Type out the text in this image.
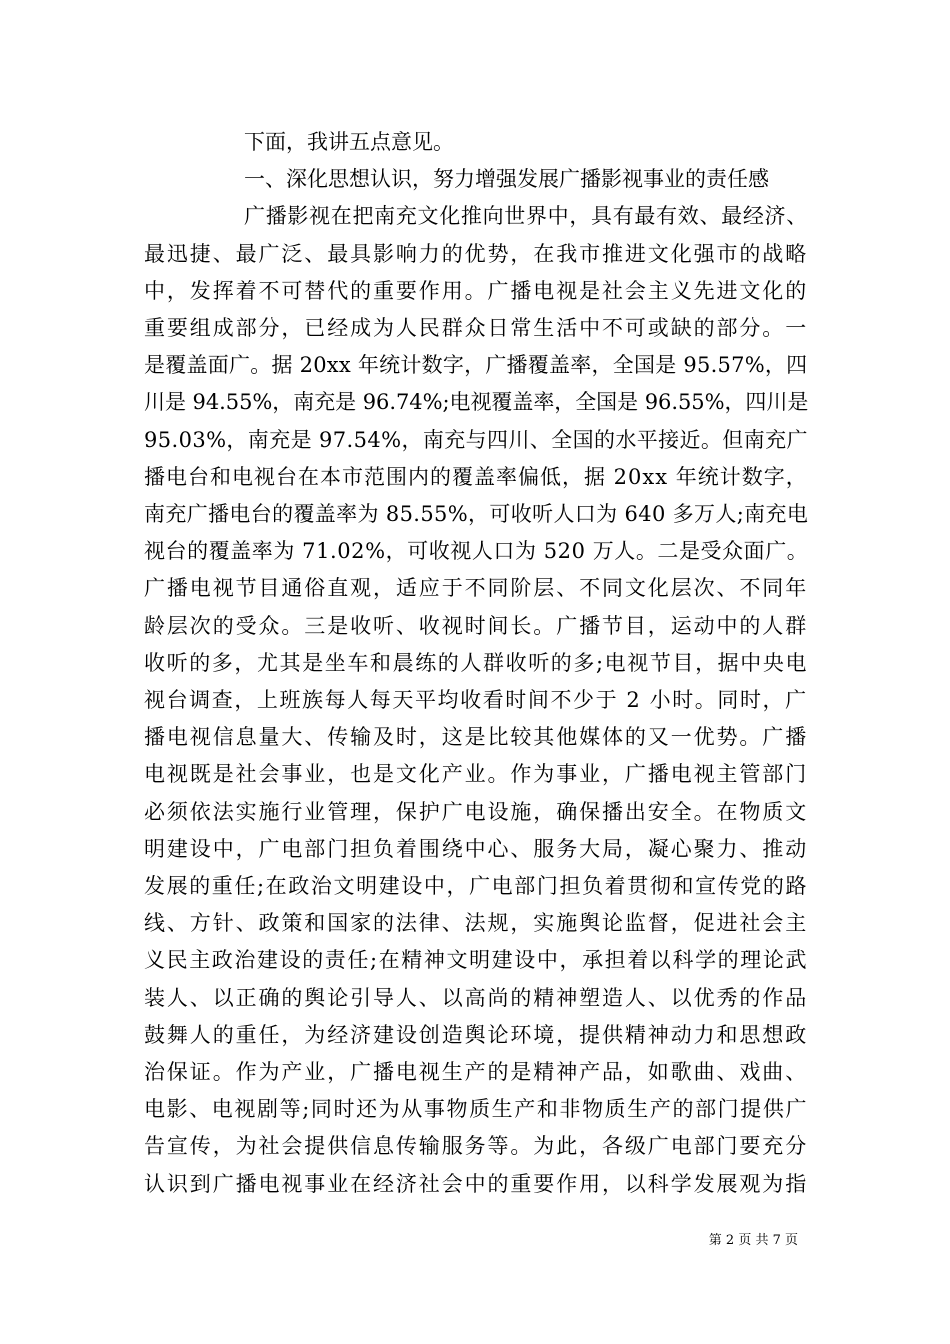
下面，我讲五点意见。
一、深化思想认识，努力增强发展广播影视事业的责任感
广播影视在把南充文化推向世界中，具有最有效、最经济、
最迅捷、最广泛、最具影响力的优势，在我市推进文化强市的战略
中，发挥着不可替代的重要作用。广播电视是社会主义先进文化的
重要组成部分，已经成为人民群众日常生活中不可或缺的部分。一
是覆盖面广。据 20xx 年统计数字，广播覆盖率，全国是 95.57%，四
川是 94.55%，南充是 96.74%;电视覆盖率，全国是 96.55%，四川是
95.03%，南充是 97.54%，南充与四川、全国的水平接近。但南充广
播电台和电视台在本市范围内的覆盖率偏低，据 20xx 年统计数字，
南充广播电台的覆盖率为 85.55%，可收听人口为 640 多万人;南充电
视台的覆盖率为 71.02%，可收视人口为 520 万人。二是受众面广。
广播电视节目通俗直观，适应于不同阶层、不同文化层次、不同年
龄层次的受众。三是收听、收视时间长。广播节目，运动中的人群
收听的多，尤其是坐车和晨练的人群收听的多;电视节目，据中央电
视台调查，上班族每人每天平均收看时间不少于 2 小时。同时，广
播电视信息量大、传输及时，这是比较其他媒体的又一优势。广播
电视既是社会事业，也是文化产业。作为事业，广播电视主管部门
必须依法实施行业管理，保护广电设施，确保播出安全。在物质文
明建设中，广电部门担负着围绕中心、服务大局，凝心聚力、推动
发展的重任;在政治文明建设中，广电部门担负着贯彻和宣传党的路
线、方针、政策和国家的法律、法规，实施舆论监督，促进社会主
义民主政治建设的责任;在精神文明建设中，承担着以科学的理论武
装人、以正确的舆论引导人、以高尚的精神塑造人、以优秀的作品
鼓舞人的重任，为经济建设创造舆论环境，提供精神动力和思想政
治保证。作为产业，广播电视生产的是精神产品，如歌曲、戏曲、
电影、电视剧等;同时还为从事物质生产和非物质生产的部门提供广
告宣传，为社会提供信息传输服务等。为此，各级广电部门要充分
认识到广播电视事业在经济社会中的重要作用，以科学发展观为指
第 2 页 共 7 页
